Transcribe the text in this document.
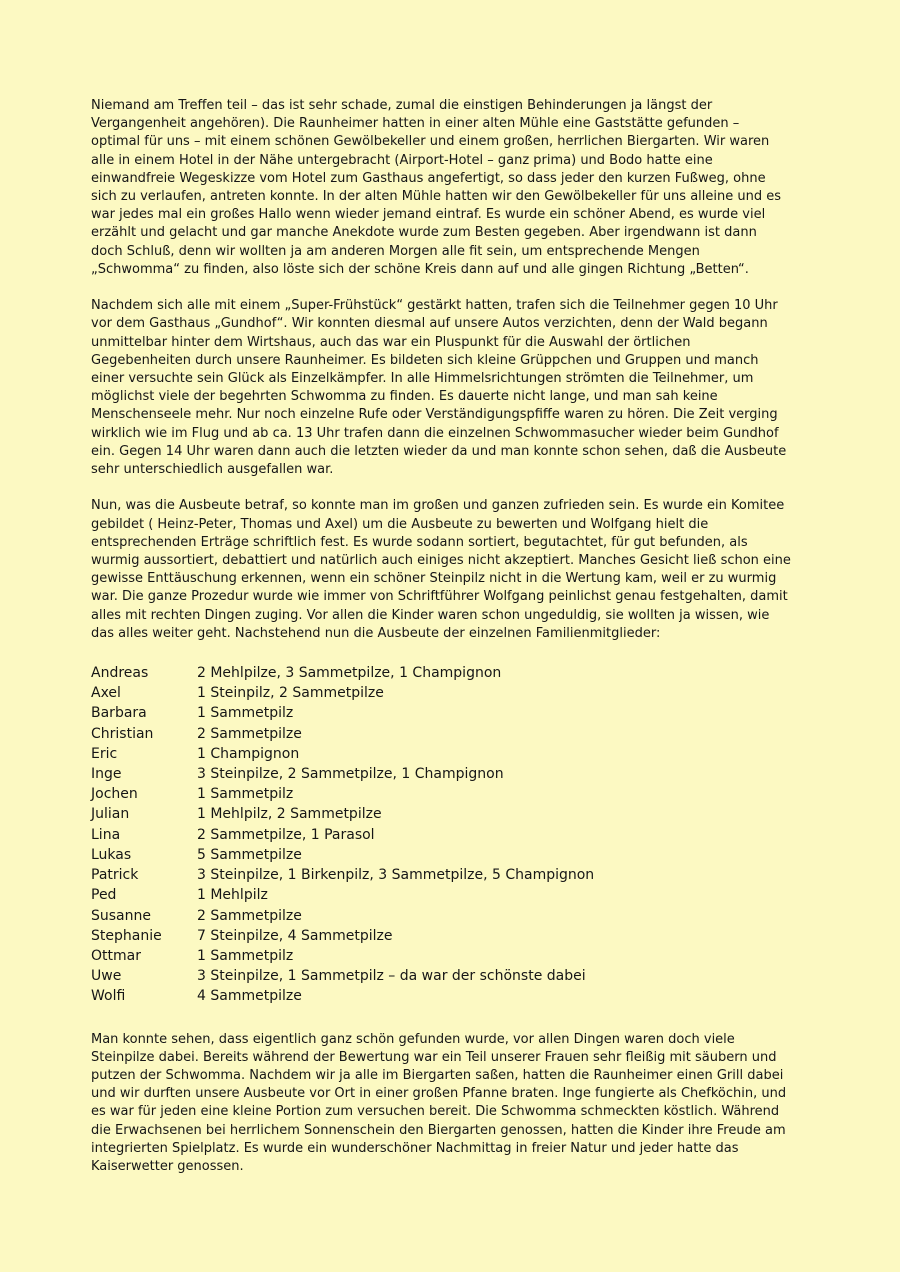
Niemand am Treffen teil – das ist sehr schade, zumal die einstigen Behinderungen ja längst der Vergangenheit angehören). Die Raunheimer hatten in einer alten Mühle eine Gaststätte gefunden – optimal für uns – mit einem schönen Gewölbekeller und einem großen, herrlichen Biergarten. Wir waren alle in einem Hotel in der Nähe untergebracht (Airport-Hotel – ganz prima) und Bodo hatte eine einwandfreie Wegeskizze vom Hotel zum Gasthaus angefertigt, so dass jeder den kurzen Fußweg, ohne sich zu verlaufen, antreten konnte. In der alten Mühle hatten wir den Gewölbekeller für uns alleine und es war jedes mal ein großes Hallo wenn wieder jemand eintraf. Es wurde ein schöner Abend, es wurde viel erzählt und gelacht und gar manche Anekdote wurde zum Besten gegeben. Aber irgendwann ist dann doch Schluß, denn wir wollten ja am anderen Morgen alle fit sein, um entsprechende Mengen „Schwomma“ zu finden, also löste sich der schöne Kreis dann auf und alle gingen Richtung „Betten“.

Nachdem sich alle mit einem „Super-Frühstück“ gestärkt hatten, trafen sich die Teilnehmer gegen 10 Uhr vor dem Gasthaus „Gundhof“. Wir konnten diesmal auf unsere Autos verzichten, denn der Wald begann unmittelbar hinter dem Wirtshaus, auch das war ein Pluspunkt für die Auswahl der örtlichen Gegebenheiten durch unsere Raunheimer. Es bildeten sich kleine Grüppchen und Gruppen und manch einer versuchte sein Glück als Einzelkämpfer. In alle Himmelsrichtungen strömten die Teilnehmer, um möglichst viele der begehrten Schwomma zu finden. Es dauerte nicht lange, und man sah keine Menschenseele mehr. Nur noch einzelne Rufe oder Verständigungspfiffe waren zu hören. Die Zeit verging wirklich wie im Flug und ab ca. 13 Uhr trafen dann die einzelnen Schwommasucher wieder beim Gundhof ein. Gegen 14 Uhr waren dann auch die letzten wieder da und man konnte schon sehen, daß die Ausbeute sehr unterschiedlich ausgefallen war.

Nun, was die Ausbeute betraf, so konnte man im großen und ganzen zufrieden sein. Es wurde ein Komitee gebildet ( Heinz-Peter, Thomas und Axel) um die Ausbeute zu bewerten und Wolfgang hielt die entsprechenden Erträge schriftlich fest. Es wurde sodann sortiert, begutachtet, für gut befunden, als wurmig aussortiert, debattiert und natürlich auch einiges nicht akzeptiert. Manches Gesicht ließ schon eine gewisse Enttäuschung erkennen, wenn ein schöner Steinpilz nicht in die Wertung kam, weil er zu wurmig war. Die ganze Prozedur wurde wie immer von Schriftführer Wolfgang peinlichst genau festgehalten, damit alles mit rechten Dingen zuging. Vor allen die Kinder waren schon ungeduldig, sie wollten ja wissen, wie das alles weiter geht. Nachstehend nun die Ausbeute der einzelnen Familienmitglieder:

Andreas	2 Mehlpilze, 3 Sammetpilze, 1 Champignon
Axel	1 Steinpilz, 2 Sammetpilze
Barbara	1 Sammetpilz
Christian	2 Sammetpilze
Eric	1 Champignon
Inge	3 Steinpilze, 2 Sammetpilze, 1 Champignon
Jochen	1 Sammetpilz
Julian	1 Mehlpilz, 2 Sammetpilze
Lina	2 Sammetpilze, 1 Parasol
Lukas	5 Sammetpilze
Patrick	3 Steinpilze, 1 Birkenpilz, 3 Sammetpilze, 5 Champignon
Ped	1 Mehlpilz
Susanne	2 Sammetpilze
Stephanie	7 Steinpilze, 4 Sammetpilze
Ottmar	1 Sammetpilz
Uwe	3 Steinpilze, 1 Sammetpilz – da war der schönste dabei
Wolfi	4 Sammetpilze

Man konnte sehen, dass eigentlich ganz schön gefunden wurde, vor allen Dingen waren doch viele Steinpilze dabei. Bereits während der Bewertung war ein Teil unserer Frauen sehr fleißig mit säubern und putzen der Schwomma. Nachdem wir ja alle im Biergarten saßen, hatten die Raunheimer einen Grill dabei und wir durften unsere Ausbeute vor Ort in einer großen Pfanne braten. Inge fungierte als Chefköchin, und es war für jeden eine kleine Portion zum versuchen bereit. Die Schwomma schmeckten köstlich. Während die Erwachsenen bei herrlichem Sonnenschein den Biergarten genossen, hatten die Kinder ihre Freude am integrierten Spielplatz. Es wurde ein wunderschöner Nachmittag in freier Natur und jeder hatte das Kaiserwetter genossen.
